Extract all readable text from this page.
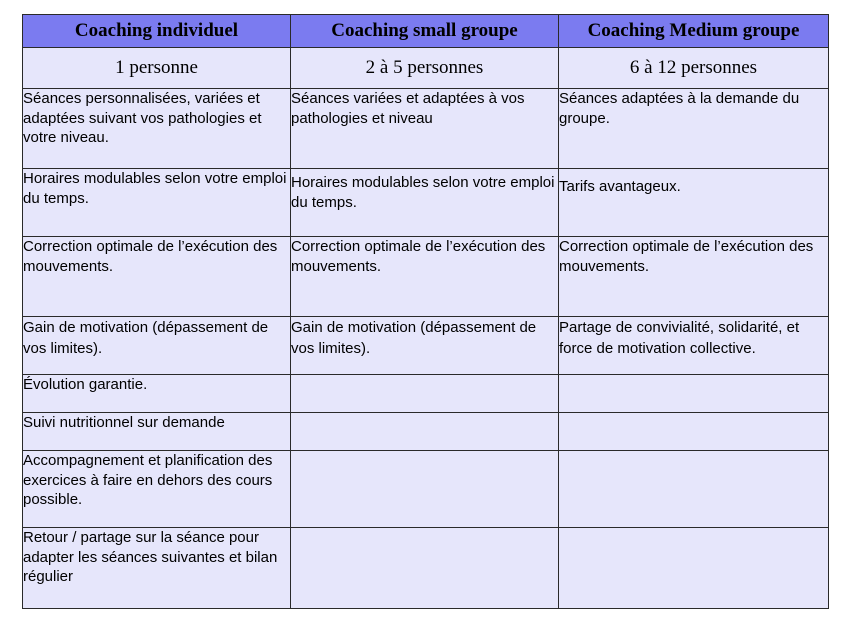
Coaching individuel	Coaching small groupe	Coaching Medium groupe
1 personne	2 à 5 personnes	6 à 12 personnes
Séances personnalisées, variées et adaptées suivant vos pathologies et votre niveau.	Séances variées et adaptées à vos pathologies et niveau	Séances adaptées à la demande du groupe.
Horaires modulables selon votre emploi du temps.	Horaires modulables selon votre emploi du temps.	Tarifs avantageux.
Correction optimale de l’exécution des mouvements.	Correction optimale de l’exécution des mouvements.	Correction optimale de l’exécution des mouvements.
Gain de motivation (dépassement de vos limites).	Gain de motivation (dépassement de vos limites).	Partage de convivialité, solidarité, et force de motivation collective.
Évolution garantie.		
Suivi nutritionnel sur demande		
Accompagnement et planification des exercices à faire en dehors des cours possible.		
Retour / partage sur la séance pour adapter les séances suivantes et bilan régulier		
